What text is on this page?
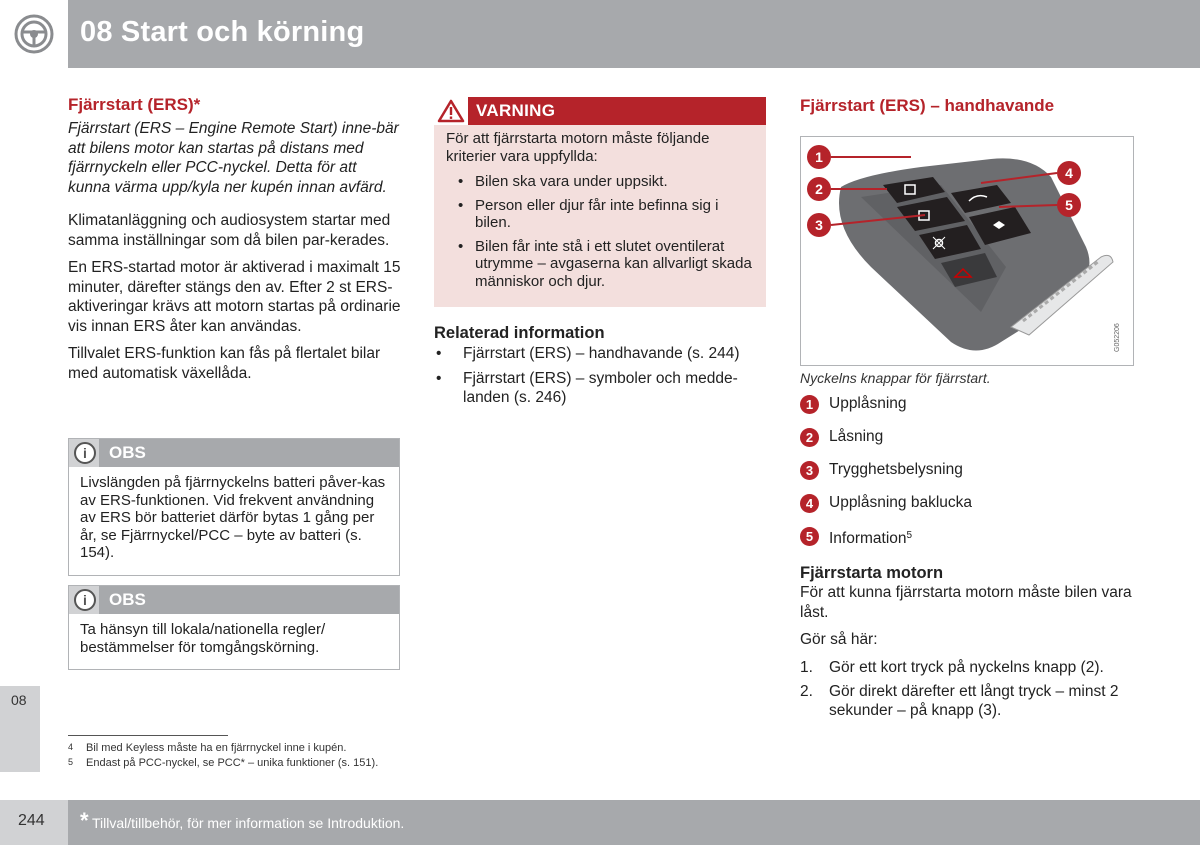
08 Start och körning
Fjärrstart (ERS)*
Fjärrstart (ERS – Engine Remote Start) inne-bär att bilens motor kan startas på distans med fjärrnyckeln eller PCC-nyckel. Detta för att kunna värma upp/kyla ner kupén innan avfärd.
Klimatanläggning och audiosystem startar med samma inställningar som då bilen par-kerades.
En ERS-startad motor är aktiverad i maximalt 15 minuter, därefter stängs den av. Efter 2 st ERS-aktiveringar krävs att motorn startas på ordinarie vis innan ERS åter kan användas.
Tillvalet ERS-funktion kan fås på flertalet bilar med automatisk växellåda.
i	OBS
Livslängden på fjärrnyckelns batteri påver-kas av ERS-funktionen. Vid frekvent användning av ERS bör batteriet därför bytas 1 gång per år, se Fjärrnyckel/PCC – byte av batteri (s. 154).
i	OBS
Ta hänsyn till lokala/nationella regler/ bestämmelser för tomgångskörning.
VARNING
För att fjärrstarta motorn måste följande kriterier vara uppfyllda:
• Bilen ska vara under uppsikt.
• Person eller djur får inte befinna sig i bilen.
• Bilen får inte stå i ett slutet oventilerat utrymme – avgaserna kan allvarligt skada människor och djur.
Relaterad information
• Fjärrstart (ERS) – handhavande (s. 244)
• Fjärrstart (ERS) – symboler och medde-landen (s. 246)
Fjärrstart (ERS) – handhavande
1
2
3
4
5
G052206
Nyckelns knappar för fjärrstart.
1	Upplåsning
2	Låsning
3	Trygghetsbelysning
4	Upplåsning baklucka
5	Information$^5$
Fjärrstarta motorn
För att kunna fjärrstarta motorn måste bilen vara låst.
Gör så här:
1. Gör ett kort tryck på nyckelns knapp (2).
2. Gör direkt därefter ett långt tryck – minst 2 sekunder – på knapp (3).
08
4 Bil med Keyless måste ha en fjärrnyckel inne i kupén.
5 Endast på PCC-nyckel, se PCC* – unika funktioner (s. 151).
244 * Tillval/tillbehör, för mer information se Introduktion.
